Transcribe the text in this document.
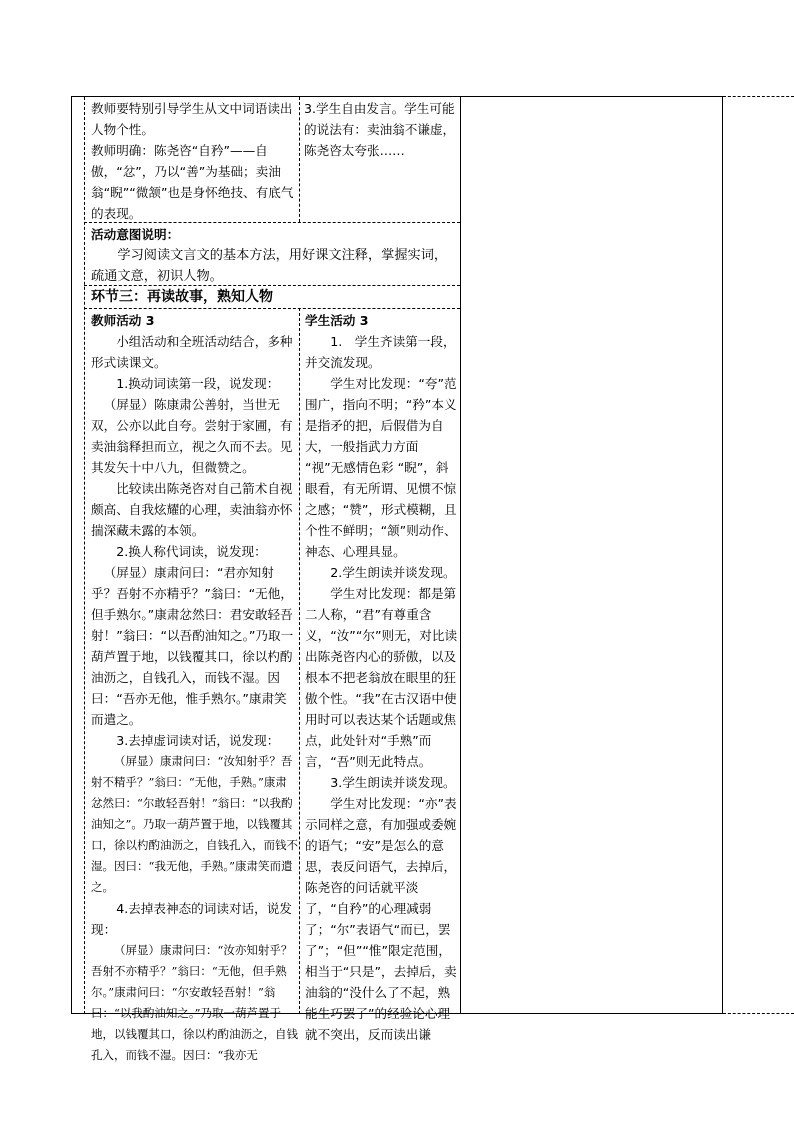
教师要特别引导学生从文中词语读出人物个性。

教师明确：陈尧咨“自矜”——自傲，“忿”，乃以“善”为基础；卖油翁“睨”“微颔”也是身怀绝技、有底气的表现。

3.学生自由发言。学生可能的说法有：卖油翁不谦虚，陈尧咨太夸张……

活动意图说明：

学习阅读文言文的基本方法，用好课文注释，掌握实词，疏通文意，初识人物。

环节三：再读故事，熟知人物

教师活动 3

小组活动和全班活动结合，多种形式读课文。

1.换动词读第一段，说发现：

（屏显）陈康肃公善射，当世无双，公亦以此自夸。尝射于家圃，有卖油翁释担而立，视之久而不去。见其发矢十中八九，但微赞之。

比较读出陈尧咨对自己箭术自视颇高、自我炫耀的心理，卖油翁亦怀揣深藏未露的本领。

2.换人称代词读，说发现：

（屏显）康肃问曰：“君亦知射乎？吾射不亦精乎？”翁曰：“无他，但手熟尔。”康肃忿然曰：君安敢轻吾射！”翁曰：“以吾酌油知之。”乃取一葫芦置于地，以钱覆其口，徐以杓酌油沥之，自钱孔入，而钱不湿。因曰：“吾亦无他，惟手熟尔。”康肃笑而遣之。

3.去掉虚词读对话，说发现：

（屏显）康肃问曰：“汝知射乎？吾射不精乎？”翁曰：“无他，手熟。”康肃忿然曰：“尔敢轻吾射！”翁曰：“以我酌油知之”。乃取一葫芦置于地，以钱覆其口，徐以杓酌油沥之，自钱孔入，而钱不湿。因曰：“我无他，手熟。”康肃笑而遣之。

4.去掉表神态的词读对话，说发现：

（屏显）康肃问曰：“汝亦知射乎？吾射不亦精乎？”翁曰：“无他，但手熟尔。”康肃问曰：“尔安敢轻吾射！”翁曰：“以我酌油知之。”乃取一葫芦置于地，以钱覆其口，徐以杓酌油沥之，自钱孔入，而钱不湿。因曰：“我亦无

学生活动 3

1.　学生齐读第一段，并交流发现。

学生对比发现：“夸”范围广，指向不明；“矜”本义是指矛的把，后假借为自大，一般指武力方面 “视”无感情色彩 “睨”，斜眼看，有无所谓、见惯不惊之感；“赞”，形式模糊，且个性不鲜明；“颔”则动作、神态、心理具显。

2.学生朗读并谈发现。

学生对比发现：都是第二人称，“君”有尊重含义，“汝”“尔”则无，对比读出陈尧咨内心的骄傲，以及根本不把老翁放在眼里的狂傲个性。“我”在古汉语中使用时可以表达某个话题或焦点，此处针对“手熟”而言，“吾”则无此特点。

3.学生朗读并谈发现。

学生对比发现：“亦”表示同样之意，有加强或委婉的语气；“安”是怎么的意思，表反问语气，去掉后，陈尧咨的问话就平淡了，“自矜”的心理减弱了；“尔”表语气“而已，罢了”；“但”“惟”限定范围，相当于“只是”，去掉后，卖油翁的“没什么了不起，熟能生巧罢了”的经验论心理就不突出，反而读出谦
